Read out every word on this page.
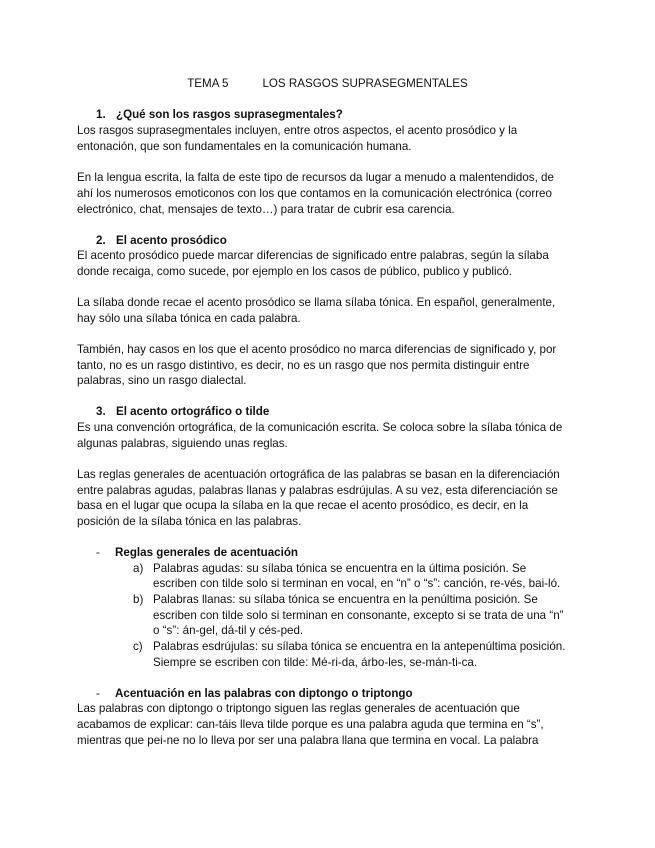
TEMA 5	LOS RASGOS SUPRASEGMENTALES
1. ¿Qué son los rasgos suprasegmentales?
Los rasgos suprasegmentales incluyen, entre otros aspectos, el acento prosódico y la
entonación, que son fundamentales en la comunicación humana.
En la lengua escrita, la falta de este tipo de recursos da lugar a menudo a malentendidos, de
ahí los numerosos emoticonos con los que contamos en la comunicación electrónica (correo
electrónico, chat, mensajes de texto…) para tratar de cubrir esa carencia.
2. El acento prosódico
El acento prosódico puede marcar diferencias de significado entre palabras, según la sílaba
donde recaiga, como sucede, por ejemplo en los casos de público, publico y publicó.
La sílaba donde recae el acento prosódico se llama sílaba tónica. En español, generalmente,
hay sólo una sílaba tónica en cada palabra.
También, hay casos en los que el acento prosódico no marca diferencias de significado y, por
tanto, no es un rasgo distintivo, es decir, no es un rasgo que nos permita distinguir entre
palabras, sino un rasgo dialectal.
3. El acento ortográfico o tilde
Es una convención ortográfica, de la comunicación escrita. Se coloca sobre la sílaba tónica de
algunas palabras, siguiendo unas reglas.
Las reglas generales de acentuación ortográfica de las palabras se basan en la diferenciación
entre palabras agudas, palabras llanas y palabras esdrújulas. A su vez, esta diferenciación se
basa en el lugar que ocupa la sílaba en la que recae el acento prosódico, es decir, en la
posición de la sílaba tónica en las palabras.
- Reglas generales de acentuación
a) Palabras agudas: su sílaba tónica se encuentra en la última posición. Se
escriben con tilde solo si terminan en vocal, en “n” o “s”: canción, re-vés, bai-ló.
b) Palabras llanas: su sílaba tónica se encuentra en la penúltima posición. Se
escriben con tilde solo si terminan en consonante, excepto si se trata de una “n”
o “s”: án-gel, dá-til y cés-ped.
c) Palabras esdrújulas: su sílaba tónica se encuentra en la antepenúltima posición.
Siempre se escriben con tilde: Mé-ri-da, árbo-les, se-mán-ti-ca.
- Acentuación en las palabras con diptongo o triptongo
Las palabras con diptongo o triptongo siguen las reglas generales de acentuación que
acabamos de explicar: can-táis lleva tilde porque es una palabra aguda que termina en “s”,
mientras que pei-ne no lo lleva por ser una palabra llana que termina en vocal. La palabra
